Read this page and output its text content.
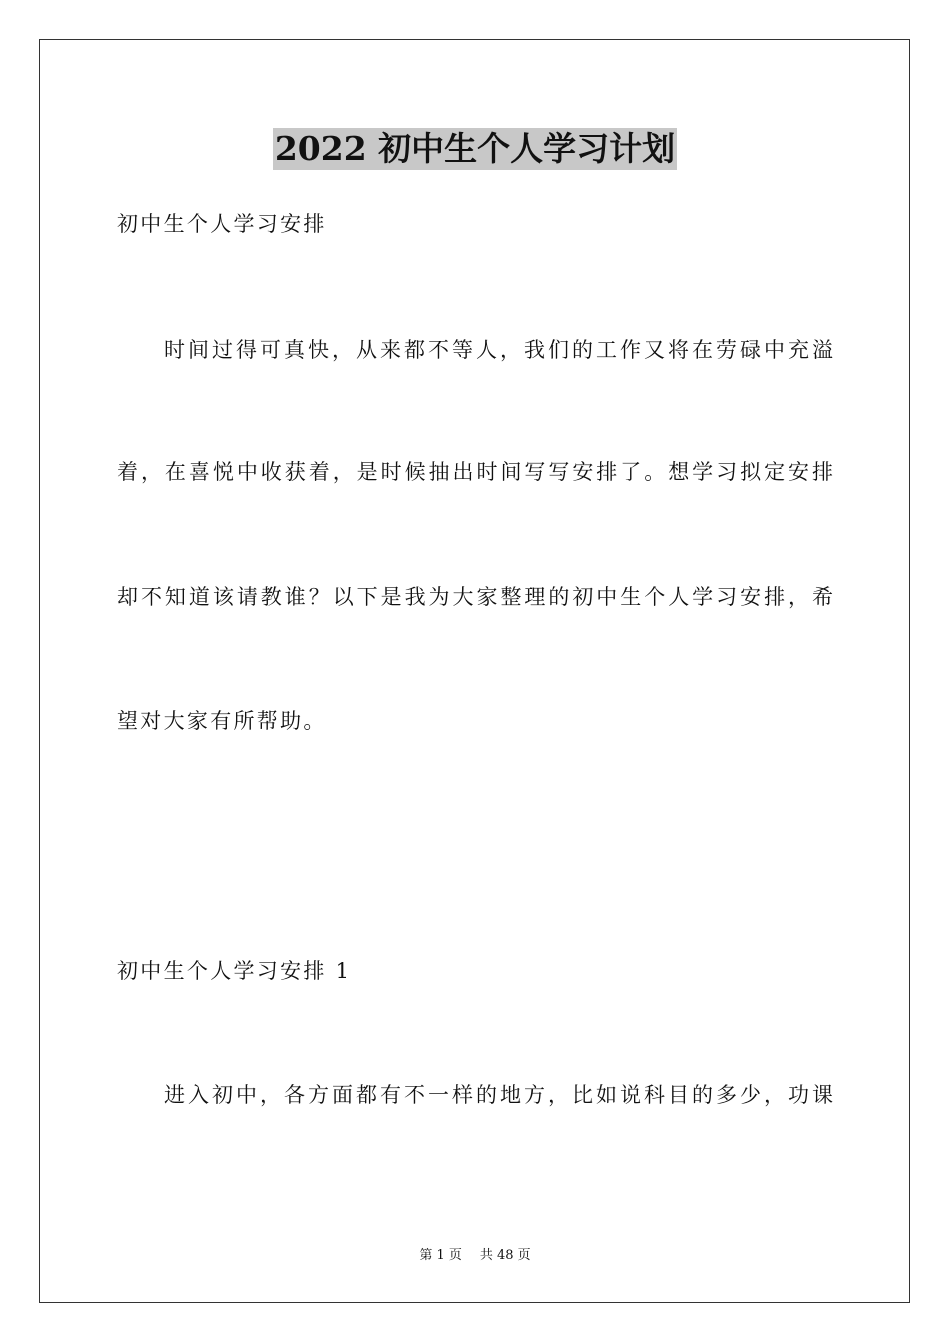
2022 初中生个人学习计划
初中生个人学习安排
时间过得可真快，从来都不等人，我们的工作又将在劳碌中充溢
着，在喜悦中收获着，是时候抽出时间写写安排了。想学习拟定安排
却不知道该请教谁？以下是我为大家整理的初中生个人学习安排，希
望对大家有所帮助。
初中生个人学习安排 1
进入初中，各方面都有不一样的地方，比如说科目的多少，功课
第 1 页 共 48 页
